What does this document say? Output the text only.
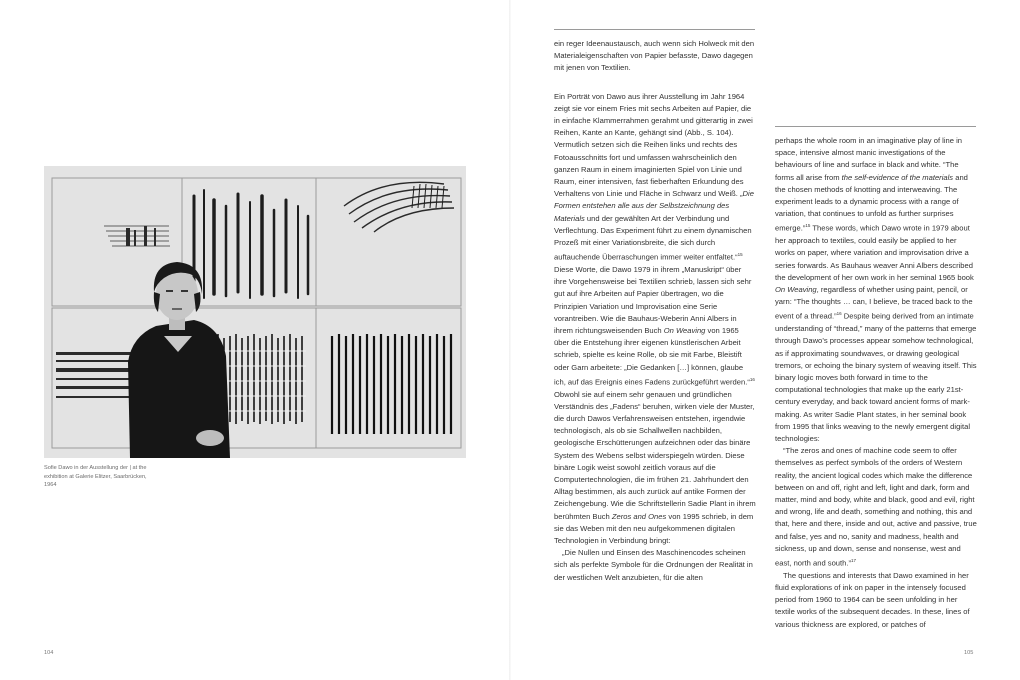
Sofie Dawo in der Ausstellung der | at the exhibition at Galerie Elitzer, Saarbrücken, 1964
104

ein reger Ideenaustausch, auch wenn sich Holweck mit den Materialeigenschaften von Papier befasste, Dawo dagegen mit jenen von Textilien.

Ein Porträt von Dawo aus ihrer Ausstellung im Jahr 1964 zeigt sie vor einem Fries mit sechs Arbeiten auf Papier, die in einfache Klammerrahmen gerahmt und gitterartig in zwei Reihen, Kante an Kante, gehängt sind (Abb., S. 104). Vermutlich setzen sich die Reihen links und rechts des Fotoausschnitts fort und umfassen wahrscheinlich den ganzen Raum in einem imaginierten Spiel von Linie und Raum, einer intensiven, fast fieberhaften Erkundung des Verhaltens von Linie und Fläche in Schwarz und Weiß. „Die Formen entstehen alle aus der Selbstzeichnung des Materials und der gewählten Art der Verbindung und Verflechtung. Das Experiment führt zu einem dynamischen Prozeß mit einer Variationsbreite, die sich durch auftauchende Überraschungen immer weiter entfaltet.“$^{15}$ Diese Worte, die Dawo 1979 in ihrem „Manuskript“ über ihre Vorgehensweise bei Textilien schrieb, lassen sich sehr gut auf ihre Arbeiten auf Papier übertragen, wo die Prinzipien Variation und Improvisation eine Serie vorantreiben. Wie die Bauhaus-Weberin Anni Albers in ihrem richtungsweisenden Buch On Weaving von 1965 über die Entstehung ihrer eigenen künstlerischen Arbeit schrieb, spielte es keine Rolle, ob sie mit Farbe, Bleistift oder Garn arbeitete: „Die Gedanken […] können, glaube ich, auf das Ereignis eines Fadens zurückgeführt werden.“$^{16}$ Obwohl sie auf einem sehr genauen und gründlichen Verständnis des „Fadens“ beruhen, wirken viele der Muster, die durch Dawos Verfahrensweisen entstehen, irgendwie technologisch, als ob sie Schallwellen nachbilden, geologische Erschütterungen aufzeichnen oder das binäre System des Webens selbst widerspiegeln würden. Diese binäre Logik weist sowohl zeitlich voraus auf die Computertechnologien, die im frühen 21. Jahrhundert den Alltag bestimmen, als auch zurück auf antike Formen der Zeichengebung. Wie die Schriftstellerin Sadie Plant in ihrem berühmten Buch Zeros and Ones von 1995 schrieb, in dem sie das Weben mit den neu aufgekommenen digitalen Technologien in Verbindung bringt:

„Die Nullen und Einsen des Maschinencodes scheinen sich als perfekte Symbole für die Ordnungen der Realität in der westlichen Welt anzubieten, für die alten

perhaps the whole room in an imaginative play of line in space, intensive almost manic investigations of the behaviours of line and surface in black and white. “The forms all arise from the self-evidence of the materials and the chosen methods of knotting and interweaving. The experiment leads to a dynamic process with a range of variation, that continues to unfold as further surprises emerge.”$^{15}$ These words, which Dawo wrote in 1979 about her approach to textiles, could easily be applied to her works on paper, where variation and improvisation drive a series forwards. As Bauhaus weaver Anni Albers described the development of her own work in her seminal 1965 book On Weaving, regardless of whether using paint, pencil, or yarn: “The thoughts … can, I believe, be traced back to the event of a thread.”$^{16}$ Despite being derived from an intimate understanding of “thread,” many of the patterns that emerge through Dawo’s processes appear somehow technological, as if approximating soundwaves, or drawing geological tremors, or echoing the binary system of weaving itself. This binary logic moves both forward in time to the computational technologies that make up the early 21st-century everyday, and back toward ancient forms of mark-making. As writer Sadie Plant states, in her seminal book from 1995 that links weaving to the newly emergent digital technologies:

“The zeros and ones of machine code seem to offer themselves as perfect symbols of the orders of Western reality, the ancient logical codes which make the difference between on and off, right and left, light and dark, form and matter, mind and body, white and black, good and evil, right and wrong, life and death, something and nothing, this and that, here and there, inside and out, active and passive, true and false, yes and no, sanity and madness, health and sickness, up and down, sense and nonsense, west and east, north and south.”$^{17}$

The questions and interests that Dawo examined in her fluid explorations of ink on paper in the intensely focused period from 1960 to 1964 can be seen unfolding in her textile works of the subsequent decades. In these, lines of various thickness are explored, or patches of

105
